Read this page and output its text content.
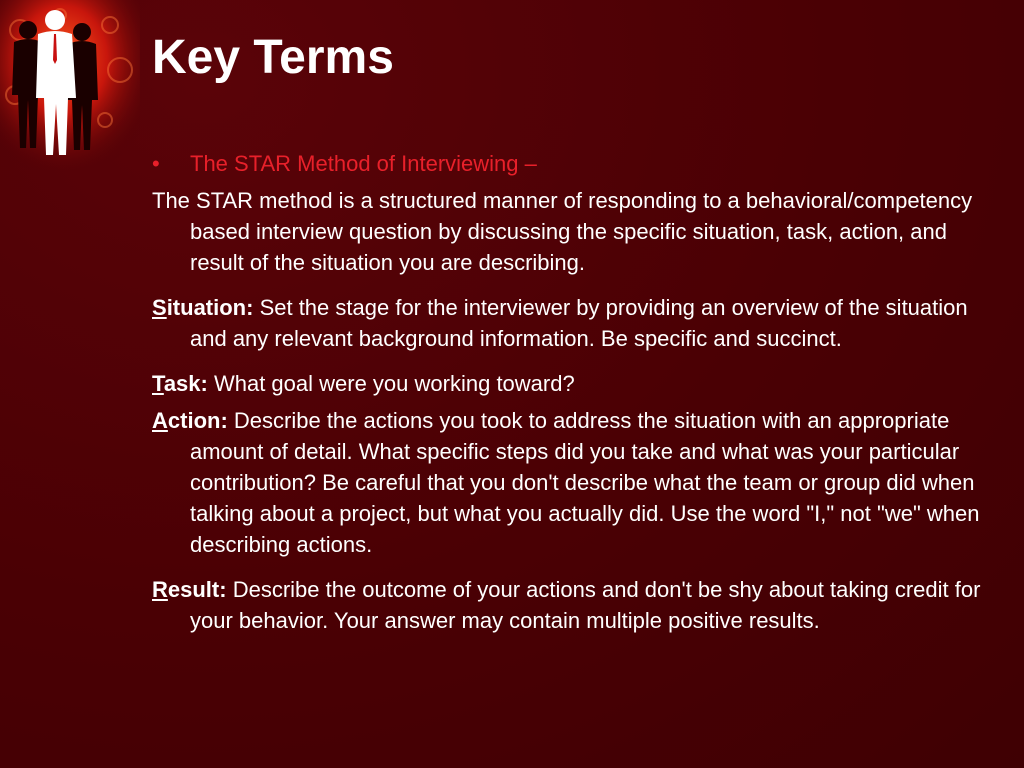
Key Terms

• The STAR Method of Interviewing –

The STAR method is a structured manner of responding to a behavioral/competency based interview question by discussing the specific situation, task, action, and result of the situation you are describing.

Situation: Set the stage for the interviewer by providing an overview of the situation and any relevant background information. Be specific and succinct.

Task: What goal were you working toward?

Action: Describe the actions you took to address the situation with an appropriate amount of detail. What specific steps did you take and what was your particular contribution? Be careful that you don't describe what the team or group did when talking about a project, but what you actually did. Use the word "I," not "we" when describing actions.

Result: Describe the outcome of your actions and don't be shy about taking credit for your behavior. Your answer may contain multiple positive results.
